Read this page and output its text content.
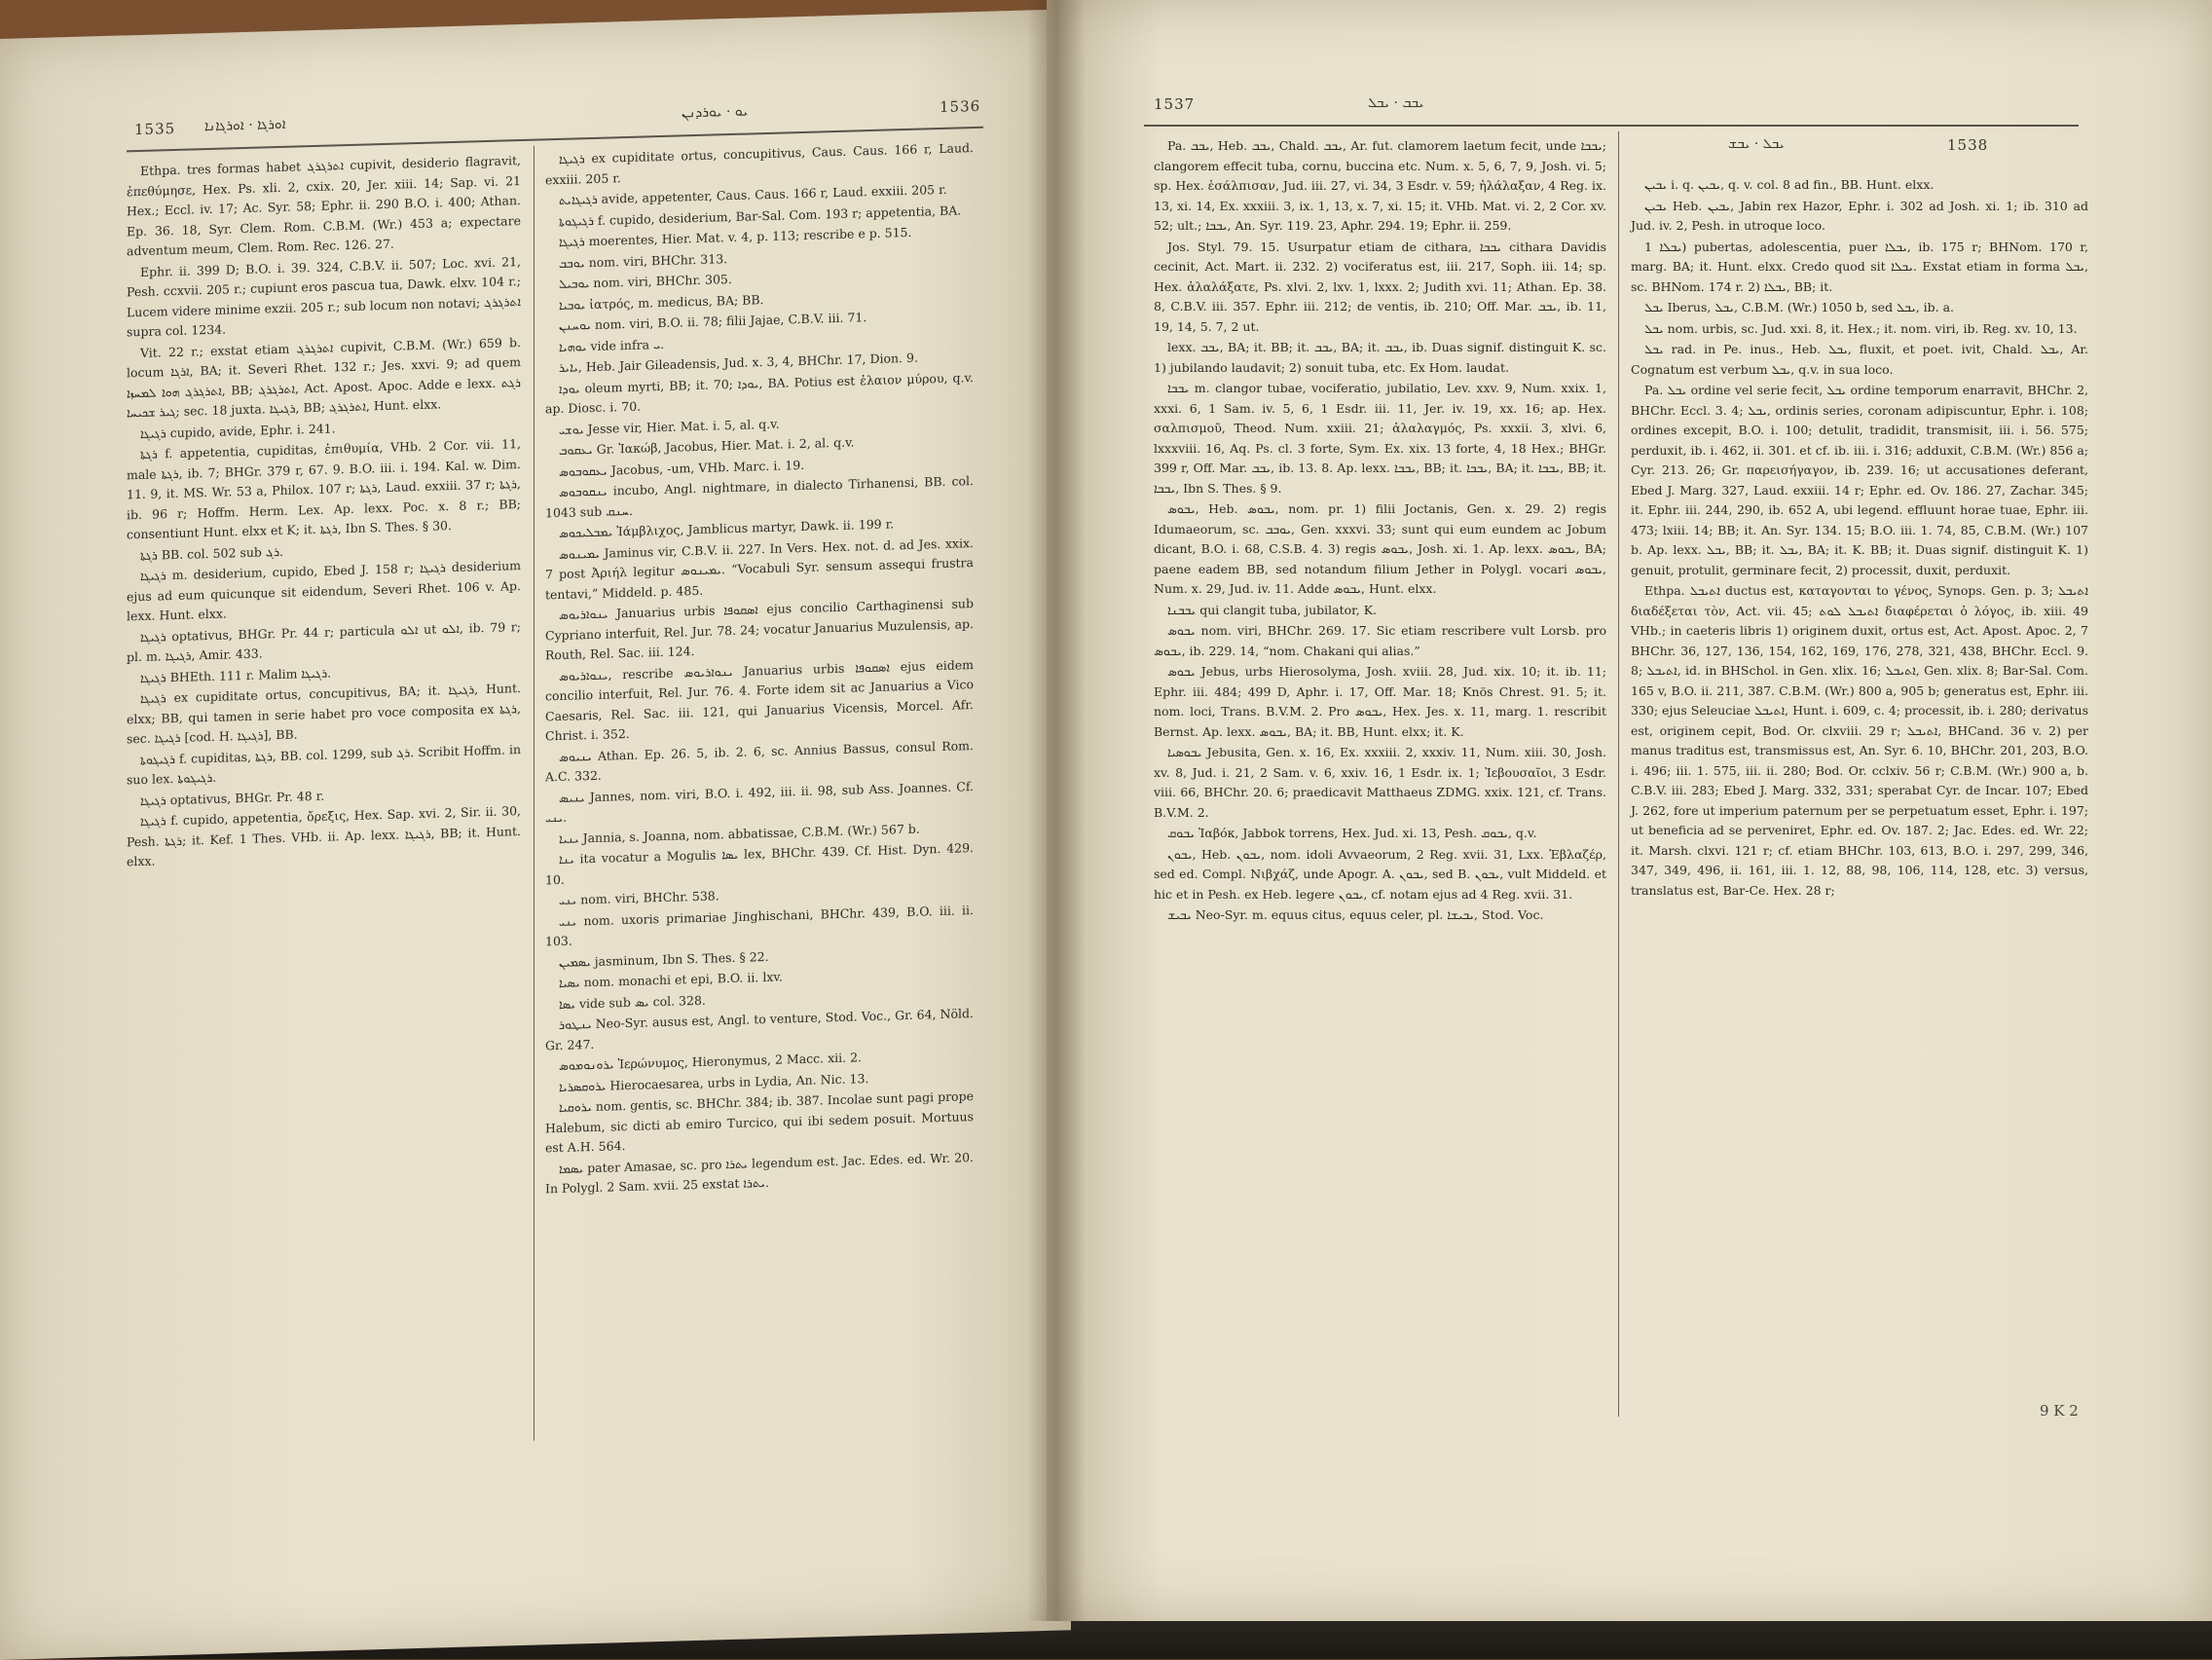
1535 ܐܘܪܓܐ · ܐܘܪܓܐܢܐ
ܝܘ · ܝܘܪܕܢܢ	1536

Ethpa. tres formas habet ܐܬܪܓܪܓ cupivit, desiderio flagravit, ἐπεθύμησε, Hex. Ps. xli. 2, cxix. 20, Jer. xiii. 14; Sap. vi. 21 Hex.; Eccl. iv. 17; Ac. Syr. 58; Ephr. ii. 290 B.O. i. 400; Athan. Ep. 36. 18, Syr. Clem. Rom. C.B.M. (Wr.) 453 a; expectare adventum meum, Clem. Rom. Rec. 126. 27.

Ephr. ii. 399 D; B.O. i. 39. 324, C.B.V. ii. 507; Loc. xvi. 21, Pesh. ccxvii. 205 r.; cupiunt eros pascua tua, Dawk. elxv. 104 r.; Lucem videre minime exzii. 205 r.; sub locum non notavi; ܐܬܪܓܪܓ supra col. 1234.

Vit. 22 r.; exstat etiam ܐܬܪܓܪܓ cupivit, C.B.M. (Wr.) 659 b. locum ܐܪܓܐ, BA; it. Severi Rhet. 132 r.; Jes. xxvi. 9; ad quem ܐܬܪܓܪܓ ܗܘܐ ܠܡܚܙܐ, BB; ܐܬܪܓܪܓ, Act. Apost. Apoc. Adde e lexx. ܪܓܬ ܓܝܪ ܫܟܝܚܐ; sec. 18 juxta. ܪܓܝܓܐ, BB; ܐܬܪܓܪܓ, Hunt. elxx.

ܪܓܝܓܐ cupido, avide, Ephr. i. 241.

ܪܓܬܐ f. appetentia, cupiditas, ἐπιθυμία, VHb. 2 Cor. vii. 11, male ܪܓܬܐ, ib. 7; BHGr. 379 r, 67. 9. B.O. iii. i. 194. Kal. w. Dim. 11. 9, it. MS. Wr. 53 a, Philox. 107 r; ܪܓܬܐ, Laud. exxiii. 37 r; ܪܓܬܐ, ib. 96 r; Hoffm. Herm. Lex. Ap. lexx. Poc. x. 8 r.; BB; consentiunt Hunt. elxx et K; it. ܪܓܬܐ, Ibn S. Thes. § 30.

ܪܓܬܐ BB. col. 502 sub ܪܓ.

ܪܓܝܓܐ m. desiderium, cupido, Ebed J. 158 r; ܪܓܝܓܐ desiderium ejus ad eum quicunque sit eidendum, Severi Rhet. 106 v. Ap. lexx. Hunt. elxx.

ܪܓܝܓܐ optativus, BHGr. Pr. 44 r; particula ܐܠܘ ut ܐܠܘ, ib. 79 r; pl. m. ܪܓܝܓܐ, Amir. 433.

ܪܓܝܓܐ BHEth. 111 r. Malim ܪܓܝܓܐ.

ܪܓܝܓܐ ex cupiditate ortus, concupitivus, BA; it. ܪܓܝܓܐ, Hunt. elxx; BB, qui tamen in serie habet pro voce composita ex ܪܓܬܐ, sec. ܪܓܝܓܐ [cod. H. ܪܓܝܓܐ], BB.

ܪܓܝܓܘܬܐ f. cupiditas, ܪܓܬܐ, BB. col. 1299, sub ܪܓ. Scribit Hoffm. in suo lex. ܪܓܝܓܘܬܐ.

ܪܓܝܓܐ optativus, BHGr. Pr. 48 r.

ܪܓܝܓܐ f. cupido, appetentia, ὄρεξις, Hex. Sap. xvi. 2, Sir. ii. 30, Pesh. ܪܓܬܐ; it. Kef. 1 Thes. VHb. ii. Ap. lexx. ܪܓܝܓܐ, BB; it. Hunt. elxx.

ܪܓܝܓܐ ex cupiditate ortus, concupitivus, Caus. Caus. 166 r, Laud. exxiii. 205 r.

ܪܓܝܓܐܝܬ avide, appetenter, Caus. Caus. 166 r, Laud. exxiii. 205 r.

ܪܓܝܓܘܬܐ f. cupido, desiderium, Bar-Sal. Com. 193 r; appetentia, BA.

ܪܓܝܓܐ moerentes, Hier. Mat. v. 4, p. 113; rescribe e p. 515.

ܝܘܒܒ nom. viri, BHChr. 313.

ܝܘܒܝܠ nom. viri, BHChr. 305.

ܝܘܒܝܐ ἰατρός, m. medicus, BA; BB.

ܝܘܚܢܢ nom. viri, B.O. ii. 78; filii Jajae, C.B.V. iii. 71.

ܝܘܗܝܐ vide infra ܝ.

ܝܐܝܪ, Heb. Jair Gileadensis, Jud. x. 3, 4, BHChr. 17, Dion. 9.

ܝܘܕܐ oleum myrti, BB; it. 70; ܝܘܕܐ, BA. Potius est ἐλαιον μύρου, q.v. ap. Diosc. i. 70.

ܝܘܫܝ Jesse vir, Hier. Mat. i. 5, al. q.v.

ܝܥܩܘܒ Gr. Ἰακώβ, Jacobus, Hier. Mat. i. 2, al. q.v.

ܝܥܩܘܒܘܣ Jacobus, -um, VHb. Marc. i. 19.

ܝܢܩܘܒܘܣ incubo, Angl. nightmare, in dialecto Tirhanensi, BB. col. 1043 sub ܚܢܩ.

ܝܡܒܠܝܟܘܣ Ἰάμβλιχος, Jamblicus martyr, Dawk. ii. 199 r.

ܝܡܝܢܘܣ Jaminus vir, C.B.V. ii. 227. In Vers. Hex. not. d. ad Jes. xxix. 7 post Ἀριήλ legitur ܝܡܝܢܘܣ. “Vocabuli Syr. sensum assequi frustra tentavi,” Middeld. p. 485.

ܝܢܘܐܪܝܘܣ Januarius urbis ܐܣܩܘܦܐ ejus concilio Carthaginensi sub Cypriano interfuit, Rel. Jur. 78. 24; vocatur Januarius Muzulensis, ap. Routh, Rel. Sac. iii. 124.

ܝܢܘܐܪܝܘܣ, rescribe ܝܢܘܐܪܝܘܣ Januarius urbis ܐܣܩܘܦܐ ejus eidem concilio interfuit, Rel. Jur. 76. 4. Forte idem sit ac Januarius a Vico Caesaris, Rel. Sac. iii. 121, qui Januarius Vicensis, Morcel. Afr. Christ. i. 352.

ܝܢܝܘܣ Athan. Ep. 26. 5, ib. 2. 6, sc. Annius Bassus, consul Rom. A.C. 332.

ܝܢܝܣ Jannes, nom. viri, B.O. i. 492, iii. ii. 98, sub Ass. Joannes. Cf. ܝܢܝ.

ܝܢܝܐ Jannia, s. Joanna, nom. abbatissae, C.B.M. (Wr.) 567 b.

ܝܢܐ ita vocatur a Mogulis ܝܣܐ lex, BHChr. 439. Cf. Hist. Dyn. 429. 10.

ܝܢܝ nom. viri, BHChr. 538.

ܝܢܝ nom. uxoris primariae Jinghischani, BHChr. 439, B.O. iii. ii. 103.

ܝܣܡܝܢ jasminum, Ibn S. Thes. § 22.

ܝܣܝܐ nom. monachi et epi, B.O. ii. lxv.

ܝܣܐ vide sub ܝܣ col. 328.

ܝܢܛܘܪ Neo-Syr. ausus est, Angl. to venture, Stod. Voc., Gr. 64, Nöld. Gr. 247.

ܝܪܘܢܘܡܘܣ Ἱερώνυμος, Hieronymus, 2 Macc. xii. 2.

ܝܪܘܩܣܪܝܐ Hierocaesarea, urbs in Lydia, An. Nic. 13.

ܝܪܘܩܝܐ nom. gentis, sc. BHChr. 384; ib. 387. Incolae sunt pagi prope Halebum, sic dicti ab emiro Turcico, qui ibi sedem posuit. Mortuus est A.H. 564.

ܝܣܡܐ pater Amasae, sc. pro ܝܬܪܐ legendum est. Jac. Edes. ed. Wr. 20. In Polygl. 2 Sam. xvii. 25 exstat ܝܬܪܐ.

1537	ܝܒܒ · ܝܒܠ
ܝܒܠ · ܝܒܫ	1538

Pa. ܝܒܒ, Heb. ܝܒܒ, Chald. ܝܒܒ, Ar. fut. clamorem laetum fecit, unde ܝܒܒܐ; clangorem effecit tuba, cornu, buccina etc. Num. x. 5, 6, 7, 9, Josh. vi. 5; sp. Hex. ἐσάλπισαν, Jud. iii. 27, vi. 34, 3 Esdr. v. 59; ἠλάλαξαν, 4 Reg. ix. 13, xi. 14, Ex. xxxiii. 3, ix. 1, 13, x. 7, xi. 15; it. VHb. Mat. vi. 2, 2 Cor. xv. 52; ult.; ܝܒܒܐ, An. Syr. 119. 23, Aphr. 294. 19; Ephr. ii. 259.

Jos. Styl. 79. 15. Usurpatur etiam de cithara, ܝܒܒܐ cithara Davidis cecinit, Act. Mart. ii. 232. 2) vociferatus est, iii. 217, Soph. iii. 14; sp. Hex. ἀλαλάξατε, Ps. xlvi. 2, lxv. 1, lxxx. 2; Judith xvi. 11; Athan. Ep. 38. 8, C.B.V. iii. 357. Ephr. iii. 212; de ventis, ib. 210; Off. Mar. ܝܒܒ, ib. 11, 19, 14, 5. 7, 2 ut.

lexx. ܝܒܒ, BA; it. BB; it. ܝܒܒ, BA; it. ܝܒܒ, ib. Duas signif. distinguit K. sc. 1) jubilando laudavit; 2) sonuit tuba, etc. Ex Hom. laudat.

ܝܒܒܐ m. clangor tubae, vociferatio, jubilatio, Lev. xxv. 9, Num. xxix. 1, xxxi. 6, 1 Sam. iv. 5, 6, 1 Esdr. iii. 11, Jer. iv. 19, xx. 16; ap. Hex. σαλπισμοῦ, Theod. Num. xxiii. 21; ἀλαλαγμός, Ps. xxxii. 3, xlvi. 6, lxxxviii. 16, Aq. Ps. cl. 3 forte, Sym. Ex. xix. 13 forte, 4, 18 Hex.; BHGr. 399 r, Off. Mar. ܝܒܒ, ib. 13. 8. Ap. lexx. ܝܒܒܐ, BB; it. ܝܒܒܐ, BA; it. ܝܒܒܐ, BB; it. ܝܒܒܐ, Ibn S. Thes. § 9.

ܝܒܘܣ, Heb. ܝܒܘܣ, nom. pr. 1) filii Joctanis, Gen. x. 29. 2) regis Idumaeorum, sc. ܝܘܒܒ, Gen. xxxvi. 33; sunt qui eum eundem ac Jobum dicant, B.O. i. 68, C.S.B. 4. 3) regis ܝܒܘܣ, Josh. xi. 1. Ap. lexx. ܝܒܘܣ, BA; paene eadem BB, sed notandum filium Jether in Polygl. vocari ܝܒܘܣ, Num. x. 29, Jud. iv. 11. Adde ܝܒܘܣ, Hunt. elxx.

ܝܒܒܢܐ qui clangit tuba, jubilator, K.

ܝܒܘܣ nom. viri, BHChr. 269. 17. Sic etiam rescribere vult Lorsb. pro ܝܒܘܣ, ib. 229. 14, “nom. Chakani qui alias.”

ܝܒܘܣ Jebus, urbs Hierosolyma, Josh. xviii. 28, Jud. xix. 10; it. ib. 11; Ephr. iii. 484; 499 D, Aphr. i. 17, Off. Mar. 18; Knös Chrest. 91. 5; it. nom. loci, Trans. B.V.M. 2. Pro ܝܒܘܣ, Hex. Jes. x. 11, marg. 1. rescribit Bernst. Ap. lexx. ܝܒܘܣ, BA; it. BB, Hunt. elxx; it. K.

ܝܒܘܣܝܐ Jebusita, Gen. x. 16, Ex. xxxiii. 2, xxxiv. 11, Num. xiii. 30, Josh. xv. 8, Jud. i. 21, 2 Sam. v. 6, xxiv. 16, 1 Esdr. ix. 1; Ἰεβουσαῖοι, 3 Esdr. viii. 66, BHChr. 20. 6; praedicavit Matthaeus ZDMG. xxix. 121, cf. Trans. B.V.M. 2.

ܝܒܘܩ Ἰαβόκ, Jabbok torrens, Hex. Jud. xi. 13, Pesh. ܝܒܘܩ, q.v.

ܝܒܘܢ, Heb. ܝܒܘܢ, nom. idoli Avvaeorum, 2 Reg. xvii. 31, Lxx. Ἐβλαζέρ, sed ed. Compl. Νιβχάζ, unde Apogr. A. ܝܒܘܢ, sed B. ܝܒܘܢ, vult Middeld. et hic et in Pesh. ex Heb. legere ܝܒܘܢ, cf. notam ejus ad 4 Reg. xvii. 31.

ܝܒܝܫ Neo-Syr. m. equus citus, equus celer, pl. ܝܒܝܫܐ, Stod. Voc.

ܝܒܝܢ i. q. ܝܒܝܢ, q. v. col. 8 ad fin., BB. Hunt. elxx.

ܝܒܝܢ Heb. ܝܒܝܢ, Jabin rex Hazor, Ephr. i. 302 ad Josh. xi. 1; ib. 310 ad Jud. iv. 2, Pesh. in utroque loco.

ܝܒܠܐ 1) pubertas, adolescentia, puer ܝܒܠܐ, ib. 175 r; BHNom. 170 r, marg. BA; it. Hunt. elxx. Credo quod sit ܝܒܠܐ. Exstat etiam in forma ܝܒܠ, sc. BHNom. 174 r. 2) ܝܒܠܐ, BB; it.

ܝܒܠ Iberus, ܝܒܠ, C.B.M. (Wr.) 1050 b, sed ܝܒܠ, ib. a.

ܝܒܠ nom. urbis, sc. Jud. xxi. 8, it. Hex.; it. nom. viri, ib. Reg. xv. 10, 13.

ܝܒܠ rad. in Pe. inus., Heb. ܝܒܠ, fluxit, et poet. ivit, Chald. ܝܒܠ, Ar. Cognatum est verbum ܝܒܠ, q.v. in sua loco.

Pa. ܝܒܠ ordine vel serie fecit, ܝܒܠ ordine temporum enarravit, BHChr. 2, BHChr. Eccl. 3. 4; ܝܒܠ, ordinis series, coronam adipiscuntur, Ephr. i. 108; ordines excepit, B.O. i. 100; detulit, tradidit, transmisit, iii. i. 56. 575; perduxit, ib. i. 462, ii. 301. et cf. ib. iii. i. 316; adduxit, C.B.M. (Wr.) 856 a; Cyr. 213. 26; Gr. παρεισήγαγον, ib. 239. 16; ut accusationes deferant, Ebed J. Marg. 327, Laud. exxiii. 14 r; Ephr. ed. Ov. 186. 27, Zachar. 345; it. Ephr. iii. 244, 290, ib. 652 A, ubi legend. effluunt horae tuae, Ephr. iii. 473; lxiii. 14; BB; it. An. Syr. 134. 15; B.O. iii. 1. 74, 85, C.B.M. (Wr.) 107 b. Ap. lexx. ܝܒܠ, BB; it. ܝܒܠ, BA; it. K. BB; it. Duas signif. distinguit K. 1) genuit, protulit, germinare fecit, 2) processit, duxit, perduxit.

Ethpa. ܐܬܝܒܠ ductus est, καταγονται to γένος, Synops. Gen. p. 3; ܐܬܝܒܠ διαδέξεται τὸν, Act. vii. 45; ܐܬܝܒܠ ܠܘܬ διαφέρεται ὁ λόγος, ib. xiii. 49 VHb.; in caeteris libris 1) originem duxit, ortus est, Act. Apost. Apoc. 2, 7 BHChr. 36, 127, 136, 154, 162, 169, 176, 278, 321, 438, BHChr. Eccl. 9. 8; ܐܬܝܒܠ, id. in BHSchol. in Gen. xlix. 16; ܐܬܝܒܠ, Gen. xlix. 8; Bar-Sal. Com. 165 v, B.O. ii. 211, 387. C.B.M. (Wr.) 800 a, 905 b; generatus est, Ephr. iii. 330; ejus Seleuciae ܐܬܝܒܠ, Hunt. i. 609, c. 4; processit, ib. i. 280; derivatus est, originem cepit, Bod. Or. clxviii. 29 r; ܐܬܝܒܠ, BHCand. 36 v. 2) per manus traditus est, transmissus est, An. Syr. 6. 10, BHChr. 201, 203, B.O. i. 496; iii. 1. 575, iii. ii. 280; Bod. Or. cclxiv. 56 r; C.B.M. (Wr.) 900 a, b. C.B.V. iii. 283; Ebed J. Marg. 332, 331; sperabat Cyr. de Incar. 107; Ebed J. 262, fore ut imperium paternum per se perpetuatum esset, Ephr. i. 197; ut beneficia ad se perveniret, Ephr. ed. Ov. 187. 2; Jac. Edes. ed. Wr. 22; it. Marsh. clxvi. 121 r; cf. etiam BHChr. 103, 613, B.O. i. 297, 299, 346, 347, 349, 496, ii. 161, iii. 1. 12, 88, 98, 106, 114, 128, etc. 3) versus, translatus est, Bar-Ce. Hex. 28 r;

9 K 2
